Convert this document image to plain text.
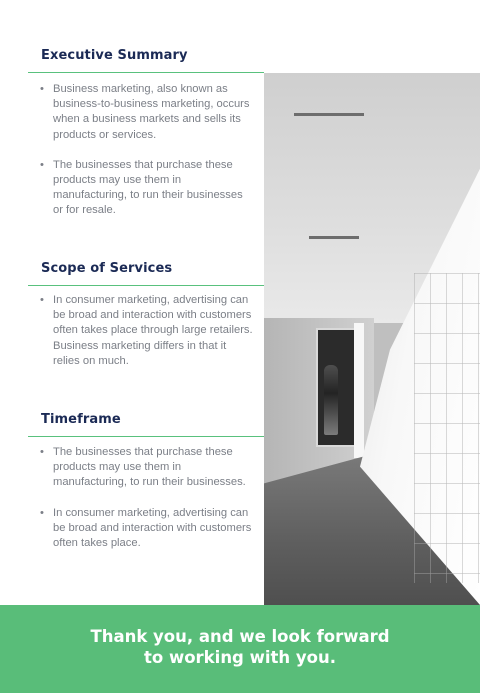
Executive Summary
• Business marketing, also known as business-to-business marketing, occurs when a business markets and sells its products or services.
• The businesses that purchase these products may use them in manufacturing, to run their businesses or for resale.
Scope of Services
• In consumer marketing, advertising can be broad and interaction with customers often takes place through large retailers. Business marketing differs in that it relies on much.
Timeframe
• The businesses that purchase these products may use them in manufacturing, to run their businesses.
• In consumer marketing, advertising can be broad and interaction with customers often takes place.

Thank you, and we look forward
to working with you.
